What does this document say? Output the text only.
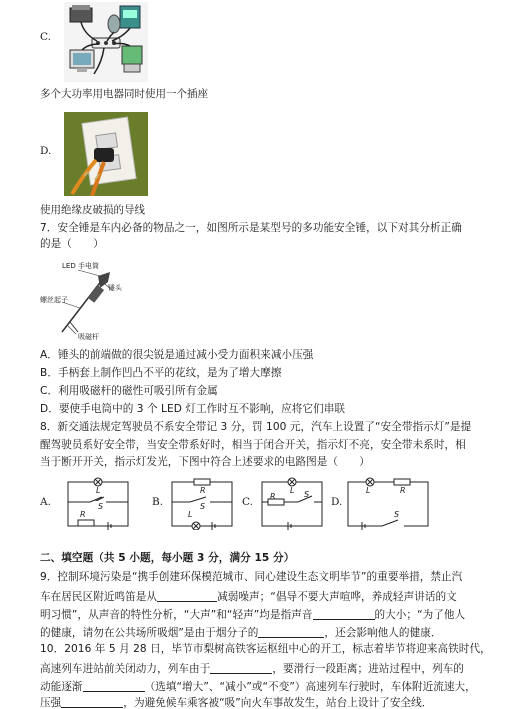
C.
多个大功率用电器同时使用一个插座
D.
使用绝缘皮破损的导线
7．安全锤是车内必备的物品之一，如图所示是某型号的多功能安全锤，以下对其分析正确
的是（　　）
LED 手电筒
锤头
螺丝起子
吸磁杆
A．锤头的前端做的很尖锐是通过减小受力面积来减小压强
B．手柄套上制作凹凸不平的花纹，是为了增大摩擦
C．利用吸磁杆的磁性可吸引所有金属
D．要使手电筒中的 3 个 LED 灯工作时互不影响，应将它们串联
8．新交通法规定驾驶员不系安全带记 3 分，罚 100 元，汽车上设置了“安全带指示灯”是提
醒驾驶员系好安全带，当安全带系好时，相当于闭合开关，指示灯不亮，安全带未系时，相
当于断开开关，指示灯发光，下图中符合上述要求的电路图是（　　）
A.	B.	C.	D.
L
S
R
R
S
L
L
R	S	L	R
S
二、填空题（共 5 小题，每小题 3 分，满分 15 分）
9．控制环境污染是“携手创建环保模范城市、同心建设生态文明毕节”的重要举措，禁止汽
车在居民区附近鸣笛是从	减弱噪声；“倡导不要大声喧哗，养成轻声讲话的文
明习惯”，从声音的特性分析，“大声”和“轻声”均是指声音	的大小；“为了他人
的健康，请勿在公共场所吸烟”是由于烟分子的	，还会影响他人的健康．
10．2016 年 5 月 28 日，毕节市梨树高铁客运枢纽中心的开工，标志着毕节将迎来高铁时代，
高速列车进站前关闭动力，列车由于	，要滑行一段距离；进站过程中，列车的
动能逐渐	（选填“增大”、“减小”或“不变”）高速列车行驶时，车体附近流速大，
压强	，为避免候车乘客被“吸”向火车事故发生，站台上设计了安全线．
